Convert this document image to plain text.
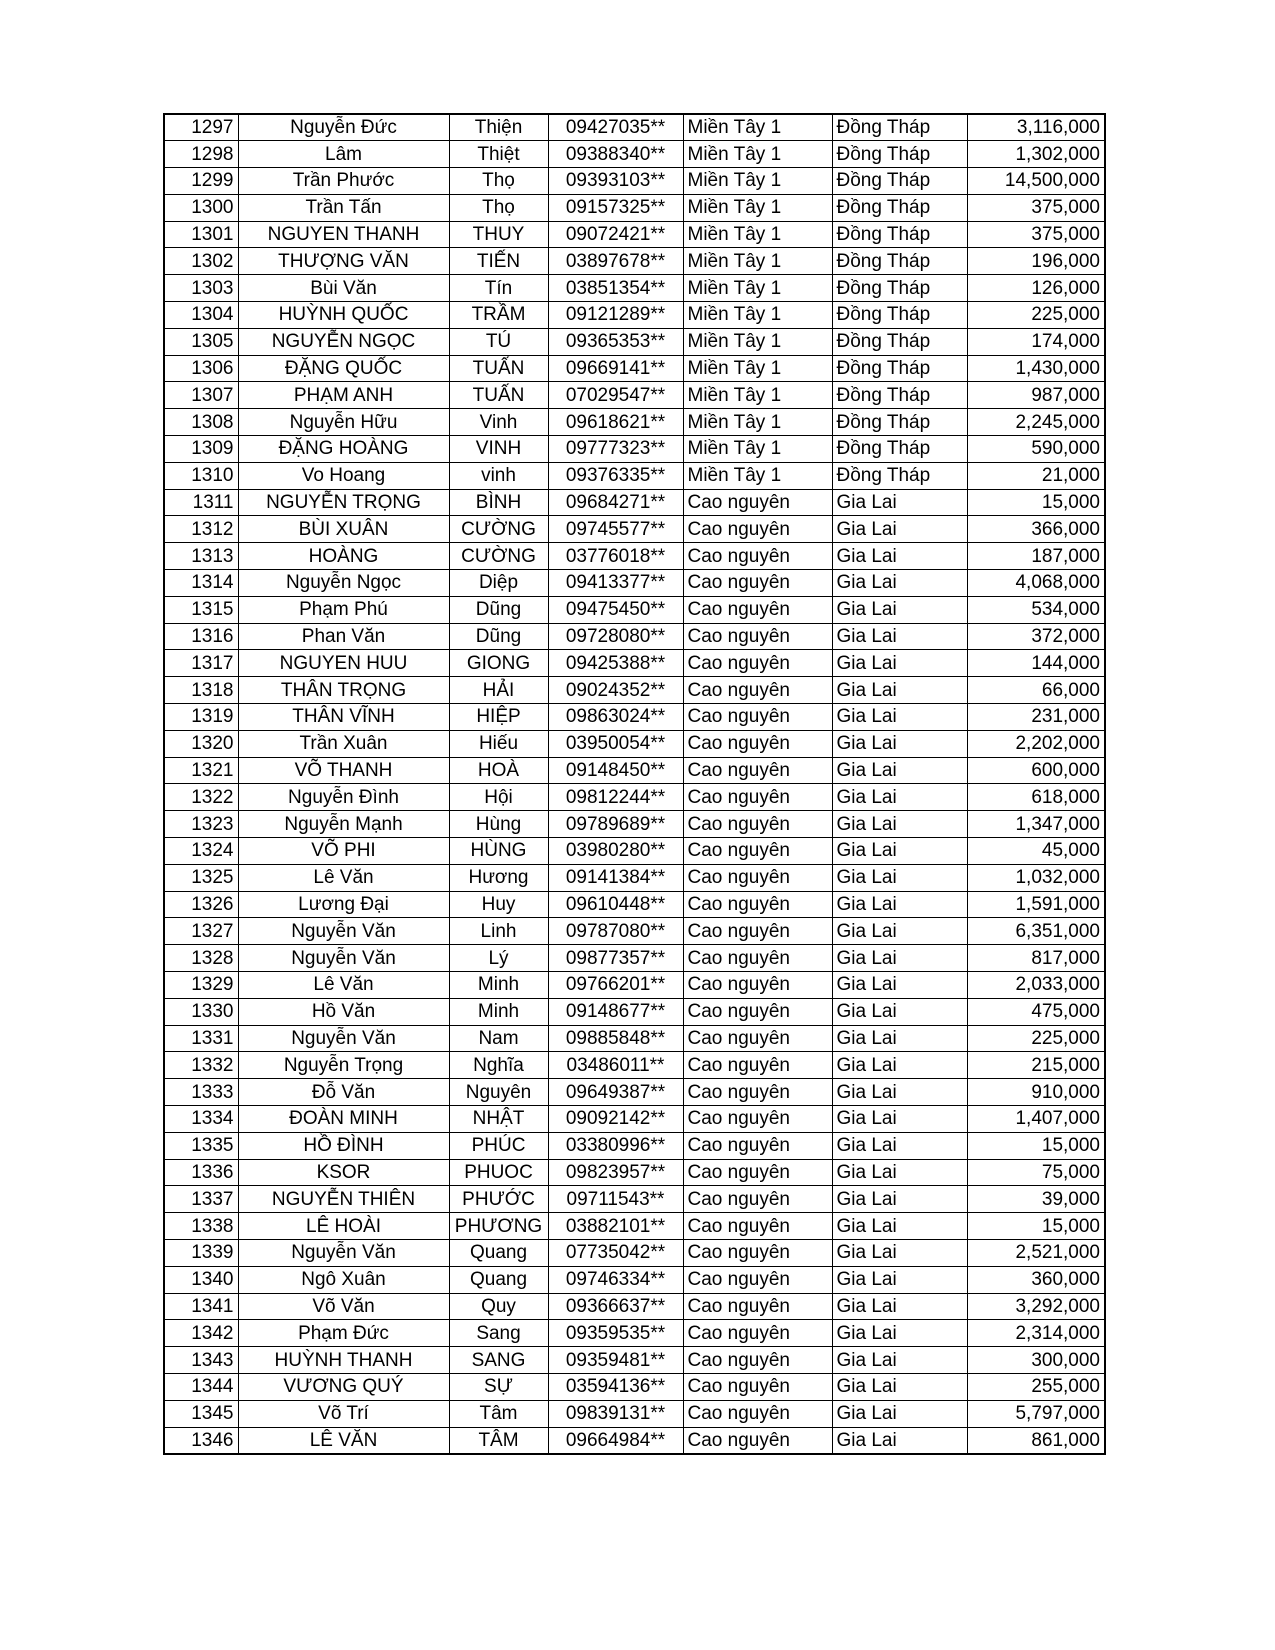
1297	Nguyễn Đức	Thiện	09427035**	Miền Tây 1	Đồng Tháp	3,116,000
1298	Lâm	Thiệt	09388340**	Miền Tây 1	Đồng Tháp	1,302,000
1299	Trần Phước	Thọ	09393103**	Miền Tây 1	Đồng Tháp	14,500,000
1300	Trần Tấn	Thọ	09157325**	Miền Tây 1	Đồng Tháp	375,000
1301	NGUYEN THANH	THUY	09072421**	Miền Tây 1	Đồng Tháp	375,000
1302	THƯỢNG VĂN	TIẾN	03897678**	Miền Tây 1	Đồng Tháp	196,000
1303	Bùi Văn	Tín	03851354**	Miền Tây 1	Đồng Tháp	126,000
1304	HUỲNH QUỐC	TRẦM	09121289**	Miền Tây 1	Đồng Tháp	225,000
1305	NGUYỄN NGỌC	TÚ	09365353**	Miền Tây 1	Đồng Tháp	174,000
1306	ĐẶNG QUỐC	TUẤN	09669141**	Miền Tây 1	Đồng Tháp	1,430,000
1307	PHẠM ANH	TUẤN	07029547**	Miền Tây 1	Đồng Tháp	987,000
1308	Nguyễn Hữu	Vinh	09618621**	Miền Tây 1	Đồng Tháp	2,245,000
1309	ĐẶNG HOÀNG	VINH	09777323**	Miền Tây 1	Đồng Tháp	590,000
1310	Vo Hoang	vinh	09376335**	Miền Tây 1	Đồng Tháp	21,000
1311	NGUYỄN TRỌNG	BÌNH	09684271**	Cao nguyên	Gia Lai	15,000
1312	BÙI XUÂN	CƯỜNG	09745577**	Cao nguyên	Gia Lai	366,000
1313	HOÀNG	CƯỜNG	03776018**	Cao nguyên	Gia Lai	187,000
1314	Nguyễn Ngọc	Diệp	09413377**	Cao nguyên	Gia Lai	4,068,000
1315	Phạm Phú	Dũng	09475450**	Cao nguyên	Gia Lai	534,000
1316	Phan Văn	Dũng	09728080**	Cao nguyên	Gia Lai	372,000
1317	NGUYEN HUU	GIONG	09425388**	Cao nguyên	Gia Lai	144,000
1318	THÂN TRỌNG	HẢI	09024352**	Cao nguyên	Gia Lai	66,000
1319	THÂN VĨNH	HIỆP	09863024**	Cao nguyên	Gia Lai	231,000
1320	Trần Xuân	Hiếu	03950054**	Cao nguyên	Gia Lai	2,202,000
1321	VÕ THANH	HOÀ	09148450**	Cao nguyên	Gia Lai	600,000
1322	Nguyễn Đình	Hội	09812244**	Cao nguyên	Gia Lai	618,000
1323	Nguyễn Mạnh	Hùng	09789689**	Cao nguyên	Gia Lai	1,347,000
1324	VÕ PHI	HÙNG	03980280**	Cao nguyên	Gia Lai	45,000
1325	Lê Văn	Hương	09141384**	Cao nguyên	Gia Lai	1,032,000
1326	Lương Đại	Huy	09610448**	Cao nguyên	Gia Lai	1,591,000
1327	Nguyễn Văn	Linh	09787080**	Cao nguyên	Gia Lai	6,351,000
1328	Nguyễn Văn	Lý	09877357**	Cao nguyên	Gia Lai	817,000
1329	Lê Văn	Minh	09766201**	Cao nguyên	Gia Lai	2,033,000
1330	Hồ Văn	Minh	09148677**	Cao nguyên	Gia Lai	475,000
1331	Nguyễn Văn	Nam	09885848**	Cao nguyên	Gia Lai	225,000
1332	Nguyễn Trọng	Nghĩa	03486011**	Cao nguyên	Gia Lai	215,000
1333	Đỗ Văn	Nguyên	09649387**	Cao nguyên	Gia Lai	910,000
1334	ĐOÀN MINH	NHẬT	09092142**	Cao nguyên	Gia Lai	1,407,000
1335	HỒ ĐÌNH	PHÚC	03380996**	Cao nguyên	Gia Lai	15,000
1336	KSOR	PHUOC	09823957**	Cao nguyên	Gia Lai	75,000
1337	NGUYỄN THIÊN	PHƯỚC	09711543**	Cao nguyên	Gia Lai	39,000
1338	LÊ HOÀI	PHƯƠNG	03882101**	Cao nguyên	Gia Lai	15,000
1339	Nguyễn Văn	Quang	07735042**	Cao nguyên	Gia Lai	2,521,000
1340	Ngô Xuân	Quang	09746334**	Cao nguyên	Gia Lai	360,000
1341	Võ Văn	Quy	09366637**	Cao nguyên	Gia Lai	3,292,000
1342	Phạm Đức	Sang	09359535**	Cao nguyên	Gia Lai	2,314,000
1343	HUỲNH THANH	SANG	09359481**	Cao nguyên	Gia Lai	300,000
1344	VƯƠNG QUÝ	SỰ	03594136**	Cao nguyên	Gia Lai	255,000
1345	Võ Trí	Tâm	09839131**	Cao nguyên	Gia Lai	5,797,000
1346	LÊ VĂN	TÂM	09664984**	Cao nguyên	Gia Lai	861,000
